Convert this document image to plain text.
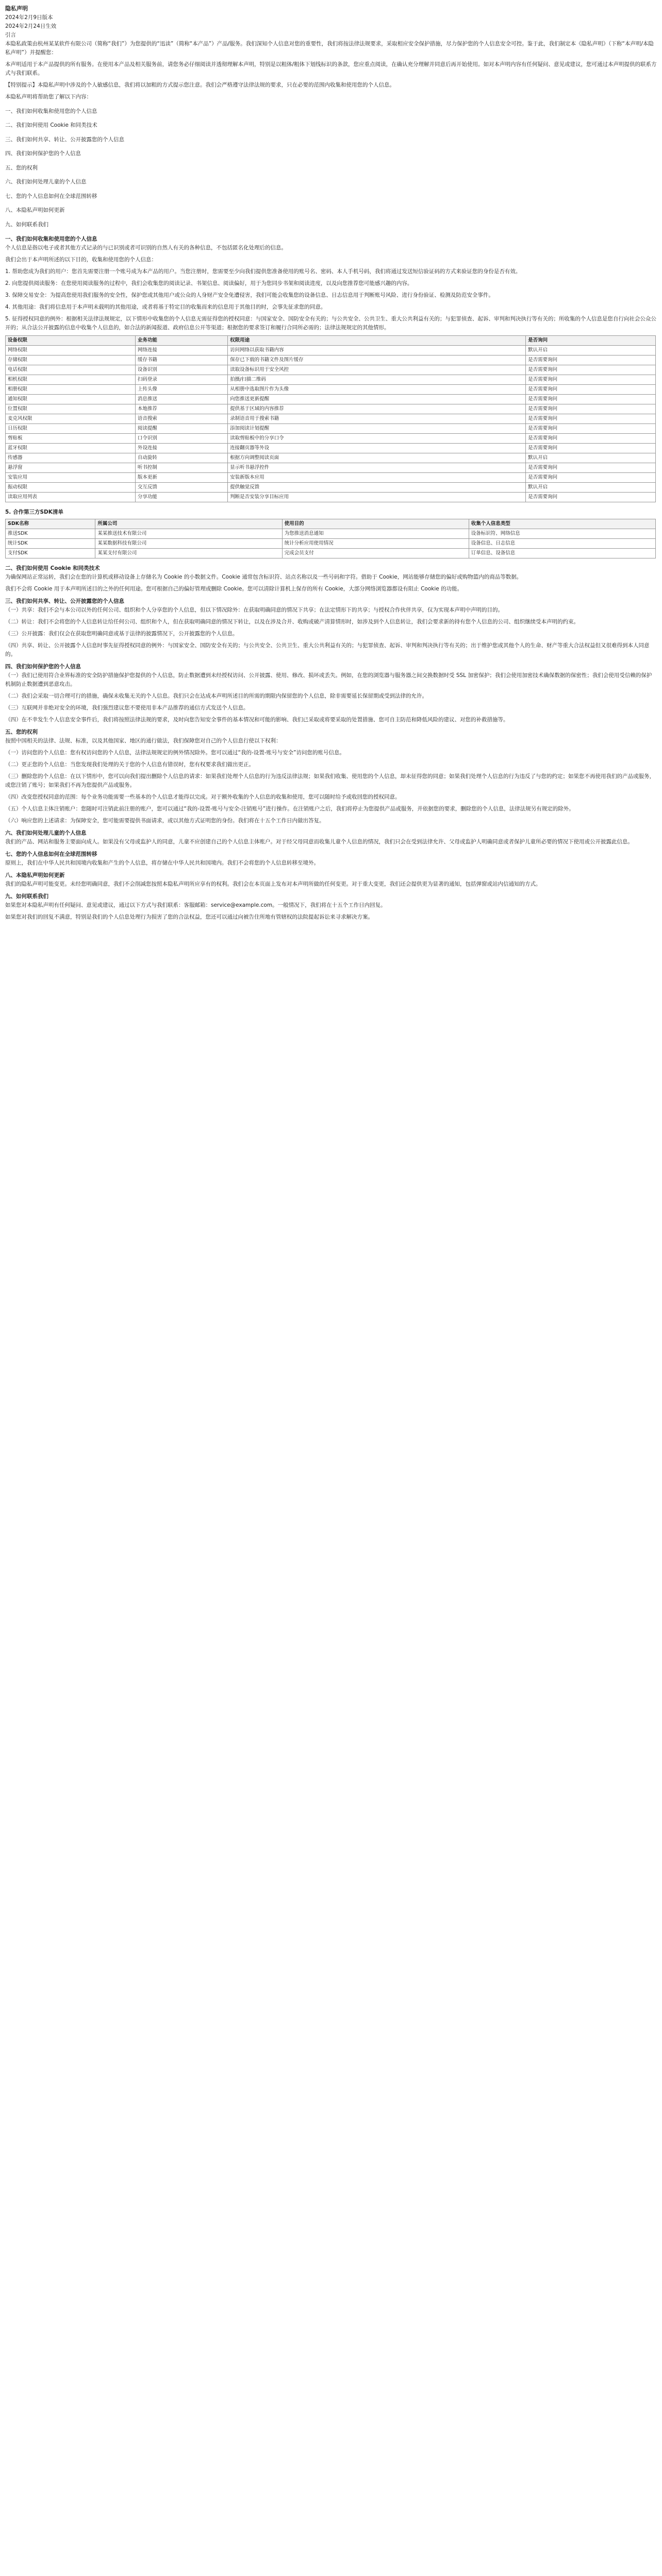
隐私声明
2024年2月9日版本
2024年2月24日生效
引言

本隐私政策由杭州某某软件有限公司（简称“我们”）为您提供的“迅读”（简称“本产品”）产品/服务。我们深知个人信息对您的重要性，我们将按法律法规要求，采取相应安全保护措施，尽力保护您的个人信息安全可控。鉴于此，我们制定本《隐私声明》（下称“本声明/本隐私声明”）并提醒您：

本声明适用于本产品提供的所有服务。在使用本产品及相关服务前，请您务必仔细阅读并透彻理解本声明，特别是以粗体/粗体下划线标识的条款，您应重点阅读，在确认充分理解并同意后再开始使用。如对本声明内容有任何疑问、意见或建议，您可通过本声明提供的联系方式与我们联系。

【特别提示】本隐私声明中涉及的个人敏感信息，我们将以加粗的方式提示您注意。我们会严格遵守法律法规的要求，只在必要的范围内收集和使用您的个人信息。

本隐私声明将帮助您了解以下内容：

一、我们如何收集和使用您的个人信息

二、我们如何使用 Cookie 和同类技术

三、我们如何共享、转让、公开披露您的个人信息

四、我们如何保护您的个人信息

五、您的权利

六、我们如何处理儿童的个人信息

七、您的个人信息如何在全球范围转移

八、本隐私声明如何更新

九、如何联系我们

一、我们如何收集和使用您的个人信息

个人信息是指以电子或者其他方式记录的与已识别或者可识别的自然人有关的各种信息，不包括匿名化处理后的信息。

我们会出于本声明所述的以下目的，收集和使用您的个人信息：

1. 帮助您成为我们的用户：您首先需要注册一个账号成为本产品的用户。当您注册时，您需要至少向我们提供您准备使用的账号名、密码、本人手机号码，我们将通过发送短信验证码的方式来验证您的身份是否有效。

2. 向您提供阅读服务：在您使用阅读服务的过程中，我们会收集您的阅读记录、书架信息、阅读偏好，用于为您同步书架和阅读进度，以及向您推荐您可能感兴趣的内容。

3. 保障交易安全：为提高您使用我们服务的安全性，保护您或其他用户或公众的人身财产安全免遭侵害，我们可能会收集您的设备信息、日志信息用于判断账号风险、进行身份验证、检测及防范安全事件。

4. 其他用途：我们将信息用于本声明未载明的其他用途，或者将基于特定目的收集而来的信息用于其他目的时，会事先征求您的同意。

5. 征得授权同意的例外：根据相关法律法规规定，以下情形中收集您的个人信息无需征得您的授权同意：与国家安全、国防安全有关的；与公共安全、公共卫生、重大公共利益有关的；与犯罪侦查、起诉、审判和判决执行等有关的；所收集的个人信息是您自行向社会公众公开的；从合法公开披露的信息中收集个人信息的，如合法的新闻报道、政府信息公开等渠道；根据您的要求签订和履行合同所必需的；法律法规规定的其他情形。

设备权限	业务功能	权限用途	是否询问
网络权限	网络连接	访问网络以获取书籍内容	默认开启
存储权限	缓存书籍	保存已下载的书籍文件及图片缓存	是否需要询问
电话权限	设备识别	读取设备标识用于安全风控	是否需要询问
相机权限	扫码登录	拍摄/扫描二维码	是否需要询问
相册权限	上传头像	从相册中选取图片作为头像	是否需要询问
通知权限	消息推送	向您推送更新提醒	是否需要询问
位置权限	本地推荐	提供基于区域的内容推荐	是否需要询问
麦克风权限	语音搜索	录制语音用于搜索书籍	是否需要询问
日历权限	阅读提醒	添加阅读计划提醒	是否需要询问
剪贴板	口令识别	读取剪贴板中的分享口令	是否需要询问
蓝牙权限	外设连接	连接翻页器等外设	是否需要询问
传感器	自动旋转	根据方向调整阅读页面	默认开启
悬浮窗	听书控制	显示听书悬浮控件	是否需要询问
安装应用	版本更新	安装新版本应用	是否需要询问
振动权限	交互反馈	提供触觉反馈	默认开启
读取应用列表	分享功能	判断是否安装分享目标应用	是否需要询问
5. 合作第三方SDK清单
SDK名称	所属公司	使用目的	收集个人信息类型
推送SDK	某某推送技术有限公司	为您推送消息通知	设备标识符、网络信息
统计SDK	某某数据科技有限公司	统计分析应用使用情况	设备信息、日志信息
支付SDK	某某支付有限公司	完成会员支付	订单信息、设备信息
二、我们如何使用 Cookie 和同类技术

为确保网站正常运转，我们会在您的计算机或移动设备上存储名为 Cookie 的小数据文件。Cookie 通常包含标识符、站点名称以及一些号码和字符。借助于 Cookie，网站能够存储您的偏好或购物篮内的商品等数据。

我们不会将 Cookie 用于本声明所述目的之外的任何用途。您可根据自己的偏好管理或删除 Cookie。您可以清除计算机上保存的所有 Cookie，大部分网络浏览器都设有阻止 Cookie 的功能。

三、我们如何共享、转让、公开披露您的个人信息

（一）共享：我们不会与本公司以外的任何公司、组织和个人分享您的个人信息，但以下情况除外：在获取明确同意的情况下共享；在法定情形下的共享；与授权合作伙伴共享，仅为实现本声明中声明的目的。

（二）转让：我们不会将您的个人信息转让给任何公司、组织和个人，但在获取明确同意的情况下转让，以及在涉及合并、收购或破产清算情形时，如涉及到个人信息转让，我们会要求新的持有您个人信息的公司、组织继续受本声明的约束。

（三）公开披露：我们仅会在获取您明确同意或基于法律的披露情况下，公开披露您的个人信息。

（四）共享、转让、公开披露个人信息时事先征得授权同意的例外：与国家安全、国防安全有关的；与公共安全、公共卫生、重大公共利益有关的；与犯罪侦查、起诉、审判和判决执行等有关的；出于维护您或其他个人的生命、财产等重大合法权益但又很难得到本人同意的。

四、我们如何保护您的个人信息

（一）我们已使用符合业界标准的安全防护措施保护您提供的个人信息，防止数据遭到未经授权访问、公开披露、使用、修改、损坏或丢失。例如，在您的浏览器与服务器之间交换数据时受 SSL 加密保护；我们会使用加密技术确保数据的保密性；我们会使用受信赖的保护机制防止数据遭到恶意攻击。

（二）我们会采取一切合理可行的措施，确保未收集无关的个人信息。我们只会在达成本声明所述目的所需的期限内保留您的个人信息，除非需要延长保留期或受到法律的允许。

（三）互联网并非绝对安全的环境，我们强烈建议您不要使用非本产品推荐的通信方式发送个人信息。

（四）在不幸发生个人信息安全事件后，我们将按照法律法规的要求，及时向您告知安全事件的基本情况和可能的影响、我们已采取或将要采取的处置措施、您可自主防范和降低风险的建议、对您的补救措施等。

五、您的权利

按照中国相关的法律、法规、标准，以及其他国家、地区的通行做法，我们保障您对自己的个人信息行使以下权利：

（一）访问您的个人信息：您有权访问您的个人信息，法律法规规定的例外情况除外。您可以通过“我的-设置-账号与安全”访问您的账号信息。

（二）更正您的个人信息：当您发现我们处理的关于您的个人信息有错误时，您有权要求我们做出更正。

（三）删除您的个人信息：在以下情形中，您可以向我们提出删除个人信息的请求：如果我们处理个人信息的行为违反法律法规；如果我们收集、使用您的个人信息，却未征得您的同意；如果我们处理个人信息的行为违反了与您的约定；如果您不再使用我们的产品或服务，或您注销了账号；如果我们不再为您提供产品或服务。

（四）改变您授权同意的范围：每个业务功能需要一些基本的个人信息才能得以完成。对于额外收集的个人信息的收集和使用，您可以随时给予或收回您的授权同意。

（五）个人信息主体注销账户：您随时可注销此前注册的账户，您可以通过“我的-设置-账号与安全-注销账号”进行操作。在注销账户之后，我们将停止为您提供产品或服务，并依据您的要求，删除您的个人信息，法律法规另有规定的除外。

（六）响应您的上述请求：为保障安全，您可能需要提供书面请求，或以其他方式证明您的身份。我们将在十五个工作日内做出答复。

六、我们如何处理儿童的个人信息

我们的产品、网站和服务主要面向成人。如果没有父母或监护人的同意，儿童不应创建自己的个人信息主体账户。对于经父母同意而收集儿童个人信息的情况，我们只会在受到法律允许、父母或监护人明确同意或者保护儿童所必要的情况下使用或公开披露此信息。

七、您的个人信息如何在全球范围转移

原则上，我们在中华人民共和国境内收集和产生的个人信息，将存储在中华人民共和国境内。我们不会将您的个人信息转移至境外。

八、本隐私声明如何更新

我们的隐私声明可能变更。未经您明确同意，我们不会削减您按照本隐私声明所应享有的权利。我们会在本页面上发布对本声明所做的任何变更。对于重大变更，我们还会提供更为显著的通知，包括弹窗或站内信通知的方式。

九、如何联系我们

如果您对本隐私声明有任何疑问、意见或建议，通过以下方式与我们联系：客服邮箱：service@example.com。一般情况下，我们将在十五个工作日内回复。

如果您对我们的回复不满意，特别是我们的个人信息处理行为损害了您的合法权益，您还可以通过向被告住所地有管辖权的法院提起诉讼来寻求解决方案。
